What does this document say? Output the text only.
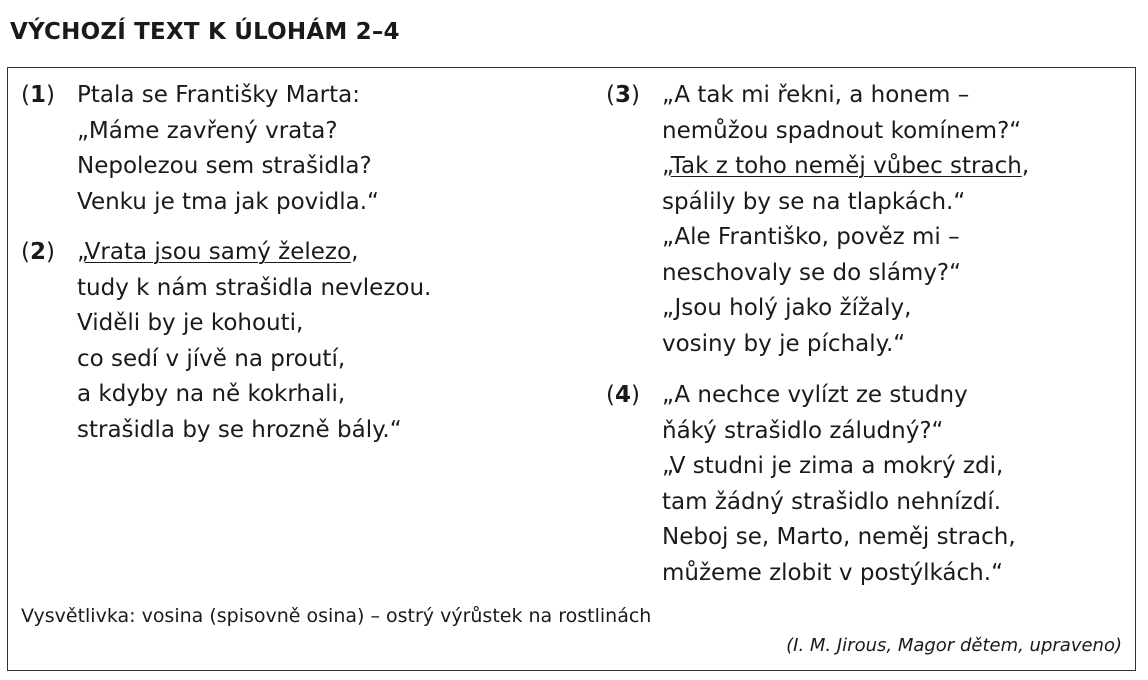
VÝCHOZÍ TEXT K ÚLOHÁM 2–4
(1) Ptala se Františky Marta:
„Máme zavřený vrata?
Nepolezou sem strašidla?
Venku je tma jak povidla.“
(2) „Vrata jsou samý železo,
tudy k nám strašidla nevlezou.
Viděli by je kohouti,
co sedí v jívě na proutí,
a kdyby na ně kokrhali,
strašidla by se hrozně bály.“
(3) „A tak mi řekni, a honem –
nemůžou spadnout komínem?“
„Tak z toho neměj vůbec strach,
spálily by se na tlapkách.“
„Ale Františko, pověz mi –
neschovaly se do slámy?“
„Jsou holý jako žížaly,
vosiny by je píchaly.“
(4) „A nechce vylízt ze studny
ňáký strašidlo záludný?“
„V studni je zima a mokrý zdi,
tam žádný strašidlo nehnízdí.
Neboj se, Marto, neměj strach,
můžeme zlobit v postýlkách.“
Vysvětlivka: vosina (spisovně osina) – ostrý výrůstek na rostlinách
(I. M. Jirous, Magor dětem, upraveno)
